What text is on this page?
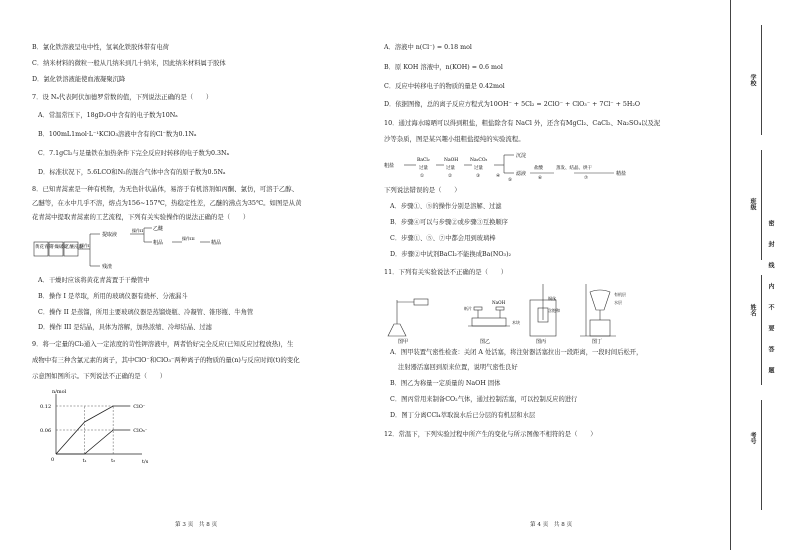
B．氯化铁溶液呈电中性，氢氧化铁胶体带有电荷
C．纳米材料的微粒一般从几纳米到几十纳米，因此纳米材料属于胶体
D．氯化铁溶液能使血液凝聚沉降
7．设 Nₐ代表阿伏加德罗常数的值，下列说法正确的是（　　）
A．常温常压下，18gD₂O中含有的电子数为10Nₐ
B．100mL1mol·L⁻¹KClO₃溶液中含有的Cl⁻数为0.1Nₐ
C．7.1gCl₂与足量铁在加热条件下完全反应时转移的电子数为0.3Nₐ
D．标准状况下，5.6LCO和N₂的混合气体中含有的原子数为0.5Nₐ
8．已知青蒿素是一种有机物，为无色针状晶体，易溶于有机溶剂如丙酮、氯仿，可溶于乙醇、
乙醚等，在水中几乎不溶，熔点为156~157℃，热稳定性差，乙醚的沸点为35℃。如图是从黄
花青蒿中提取青蒿素的工艺流程，下列有关实验操作的说法正确的是（　　）
黄花青蒿
干燥破碎
乙醚浸取
操作I
提取液
残渣
操作II 乙醚
粗品
操作III
精品
A．干燥时应该将黄花青蒿置于干燥管中
B．操作 I 是萃取，所用的玻璃仪器有烧杯、分液漏斗
C．操作 II 是蒸馏，所用主要玻璃仪器是蒸馏烧瓶、冷凝管、锥形瓶、牛角管
D．操作 III 是结晶，具体为溶解，加热浓缩、冷却结晶、过滤
9．将一定量的Cl₂通入一定浓度的苛性钾溶液中，两者恰好完全反应(已知反应过程放热)，生
成物中有三种含氯元素的离子，其中ClO⁻和ClO₃⁻两种离子的物质的量(n)与反应时间(t)的变化
示意图如图所示。下列说法不正确的是（　　）
n/mol
t/s
0
0.12
0.06
t₁	t₂
ClO⁻
ClO₃⁻
第 3 页　共 8 页
A．溶液中 n(Cl⁻) = 0.18 mol
B．原 KOH 溶液中，n(KOH) = 0.6 mol
C．反应中转移电子的物质的量是 0.42mol
D．依据图像，总的离子反应方程式为10OH⁻ + 5Cl₂ = 2ClO⁻ + ClO₃⁻ + 7Cl⁻ + 5H₂O
10．通过海水晾晒可以得到粗盐，粗盐除含有 NaCl 外，还含有MgCl₂、CaCl₂、Na₂SO₄以及泥
沙等杂质，图是某兴趣小组粗盐提纯的实验流程。
粗盐
BaCl₂
过量
①
NaOH
过量
②
Na₂CO₃
过量
③	④
沉淀
滤液
⑤
盐酸
⑥
蒸发、结晶、烘干
⑦
精盐
下列说法错误的是（　　）
A．步骤①、⑤的操作分别是溶解、过滤
B．步骤④可以与步骤②或步骤③互换顺序
C．步骤①、⑤、⑦中都会用到玻璃棒
D．步骤②中试剂BaCl₂不能换成Ba(NO₃)₂
11．下列有关实验说法不正确的是（　　）
图甲	图乙	图丙	图丁
NaOH
纸片
木块
铜丝
含饱和
有机层
水层
A．图甲装置气密性检查：关闭 A 处活塞，将注射器活塞拉出一段距离，一段时间后松开，
注射器活塞回到原来位置，说明气密性良好
B．图乙为称量一定质量的 NaOH 固体
C．图丙常用来制备CO₂气体，通过控制活塞，可以控制反应的进行
D．图丁分离CCl₄萃取溴水后已分层的有机层和水层
12．常温下，下列实验过程中所产生的变化与所示图像不相符的是（　　）
第 4 页　共 8 页
学校
班级
姓名
考号
密　　封　　线　　内　　不　　要　　答　　题
